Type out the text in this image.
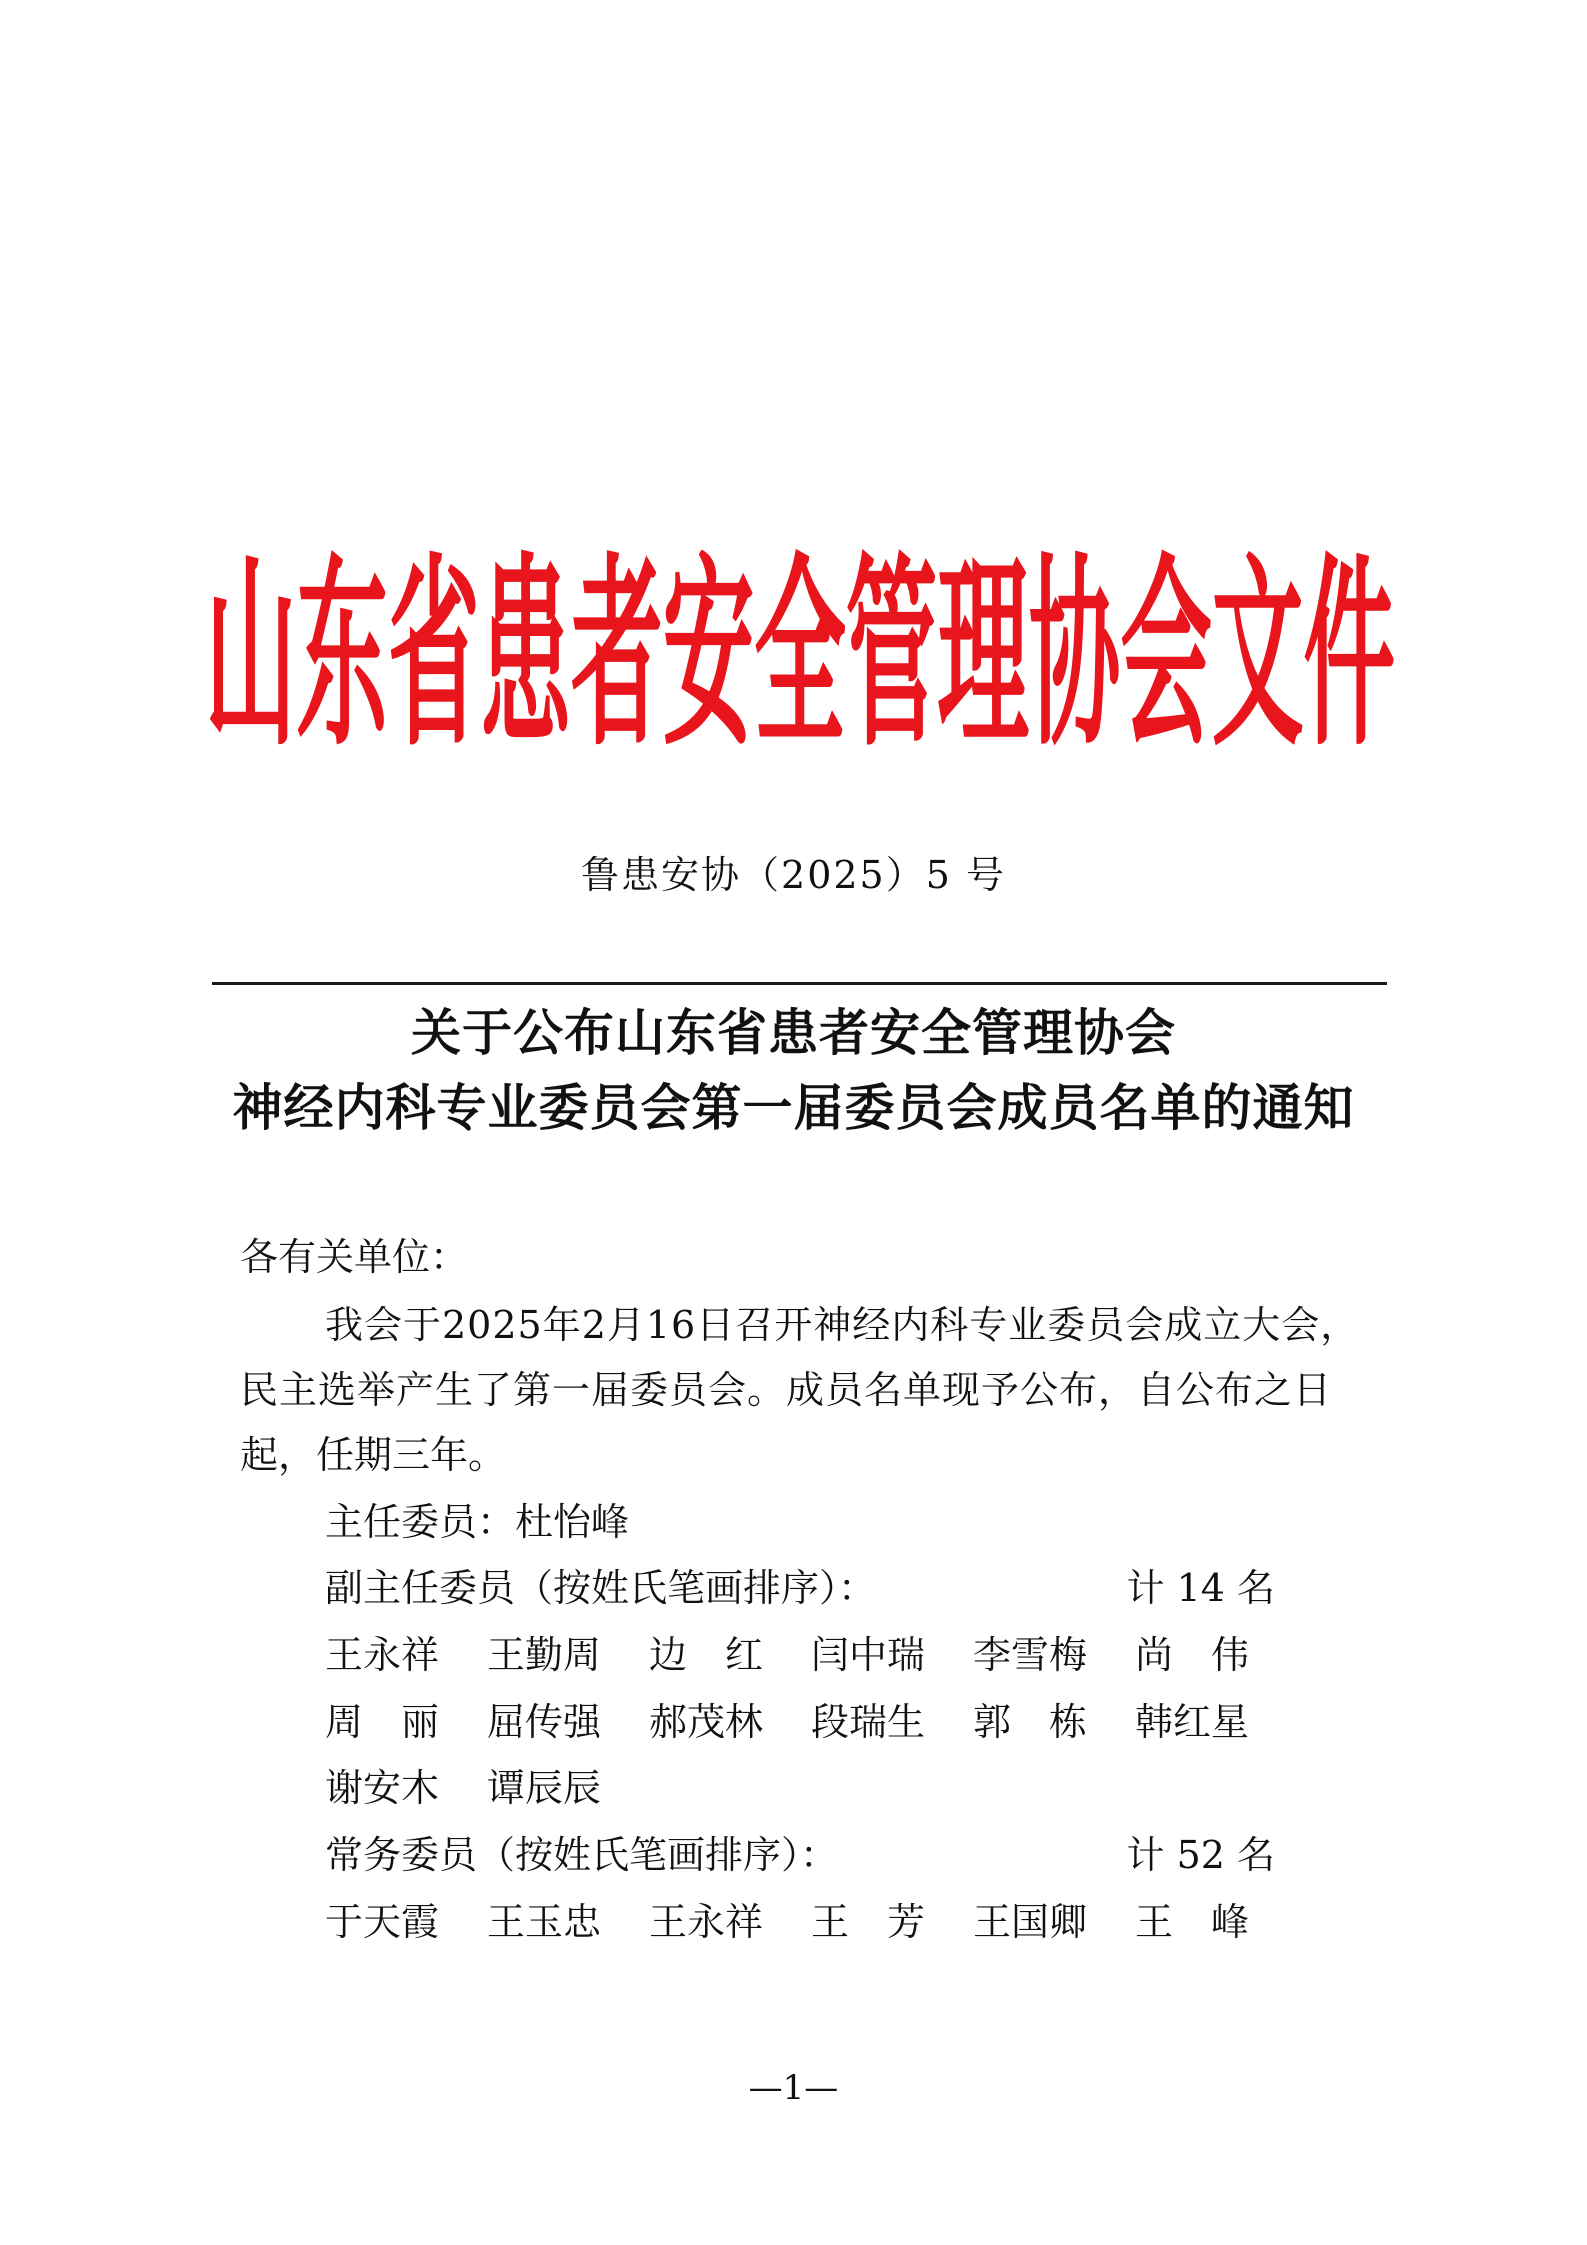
山东省患者安全管理协会文件
鲁患安协（2025）5 号
关于公布山东省患者安全管理协会
神经内科专业委员会第一届委员会成员名单的通知
各有关单位：
我会于2025年2月16日召开神经内科专业委员会成立大会，
民主选举产生了第一届委员会。成员名单现予公布，自公布之日
起，任期三年。
主任委员：杜怡峰
副主任委员（按姓氏笔画排序）：	计 14 名
王永祥 王勤周 边　红 闫中瑞 李雪梅 尚　伟
周　丽 屈传强 郝茂林 段瑞生 郭　栋 韩红星
谢安木 谭辰辰
常务委员（按姓氏笔画排序）：	计 52 名
于天霞 王玉忠 王永祥 王　芳 王国卿 王　峰
—1—
